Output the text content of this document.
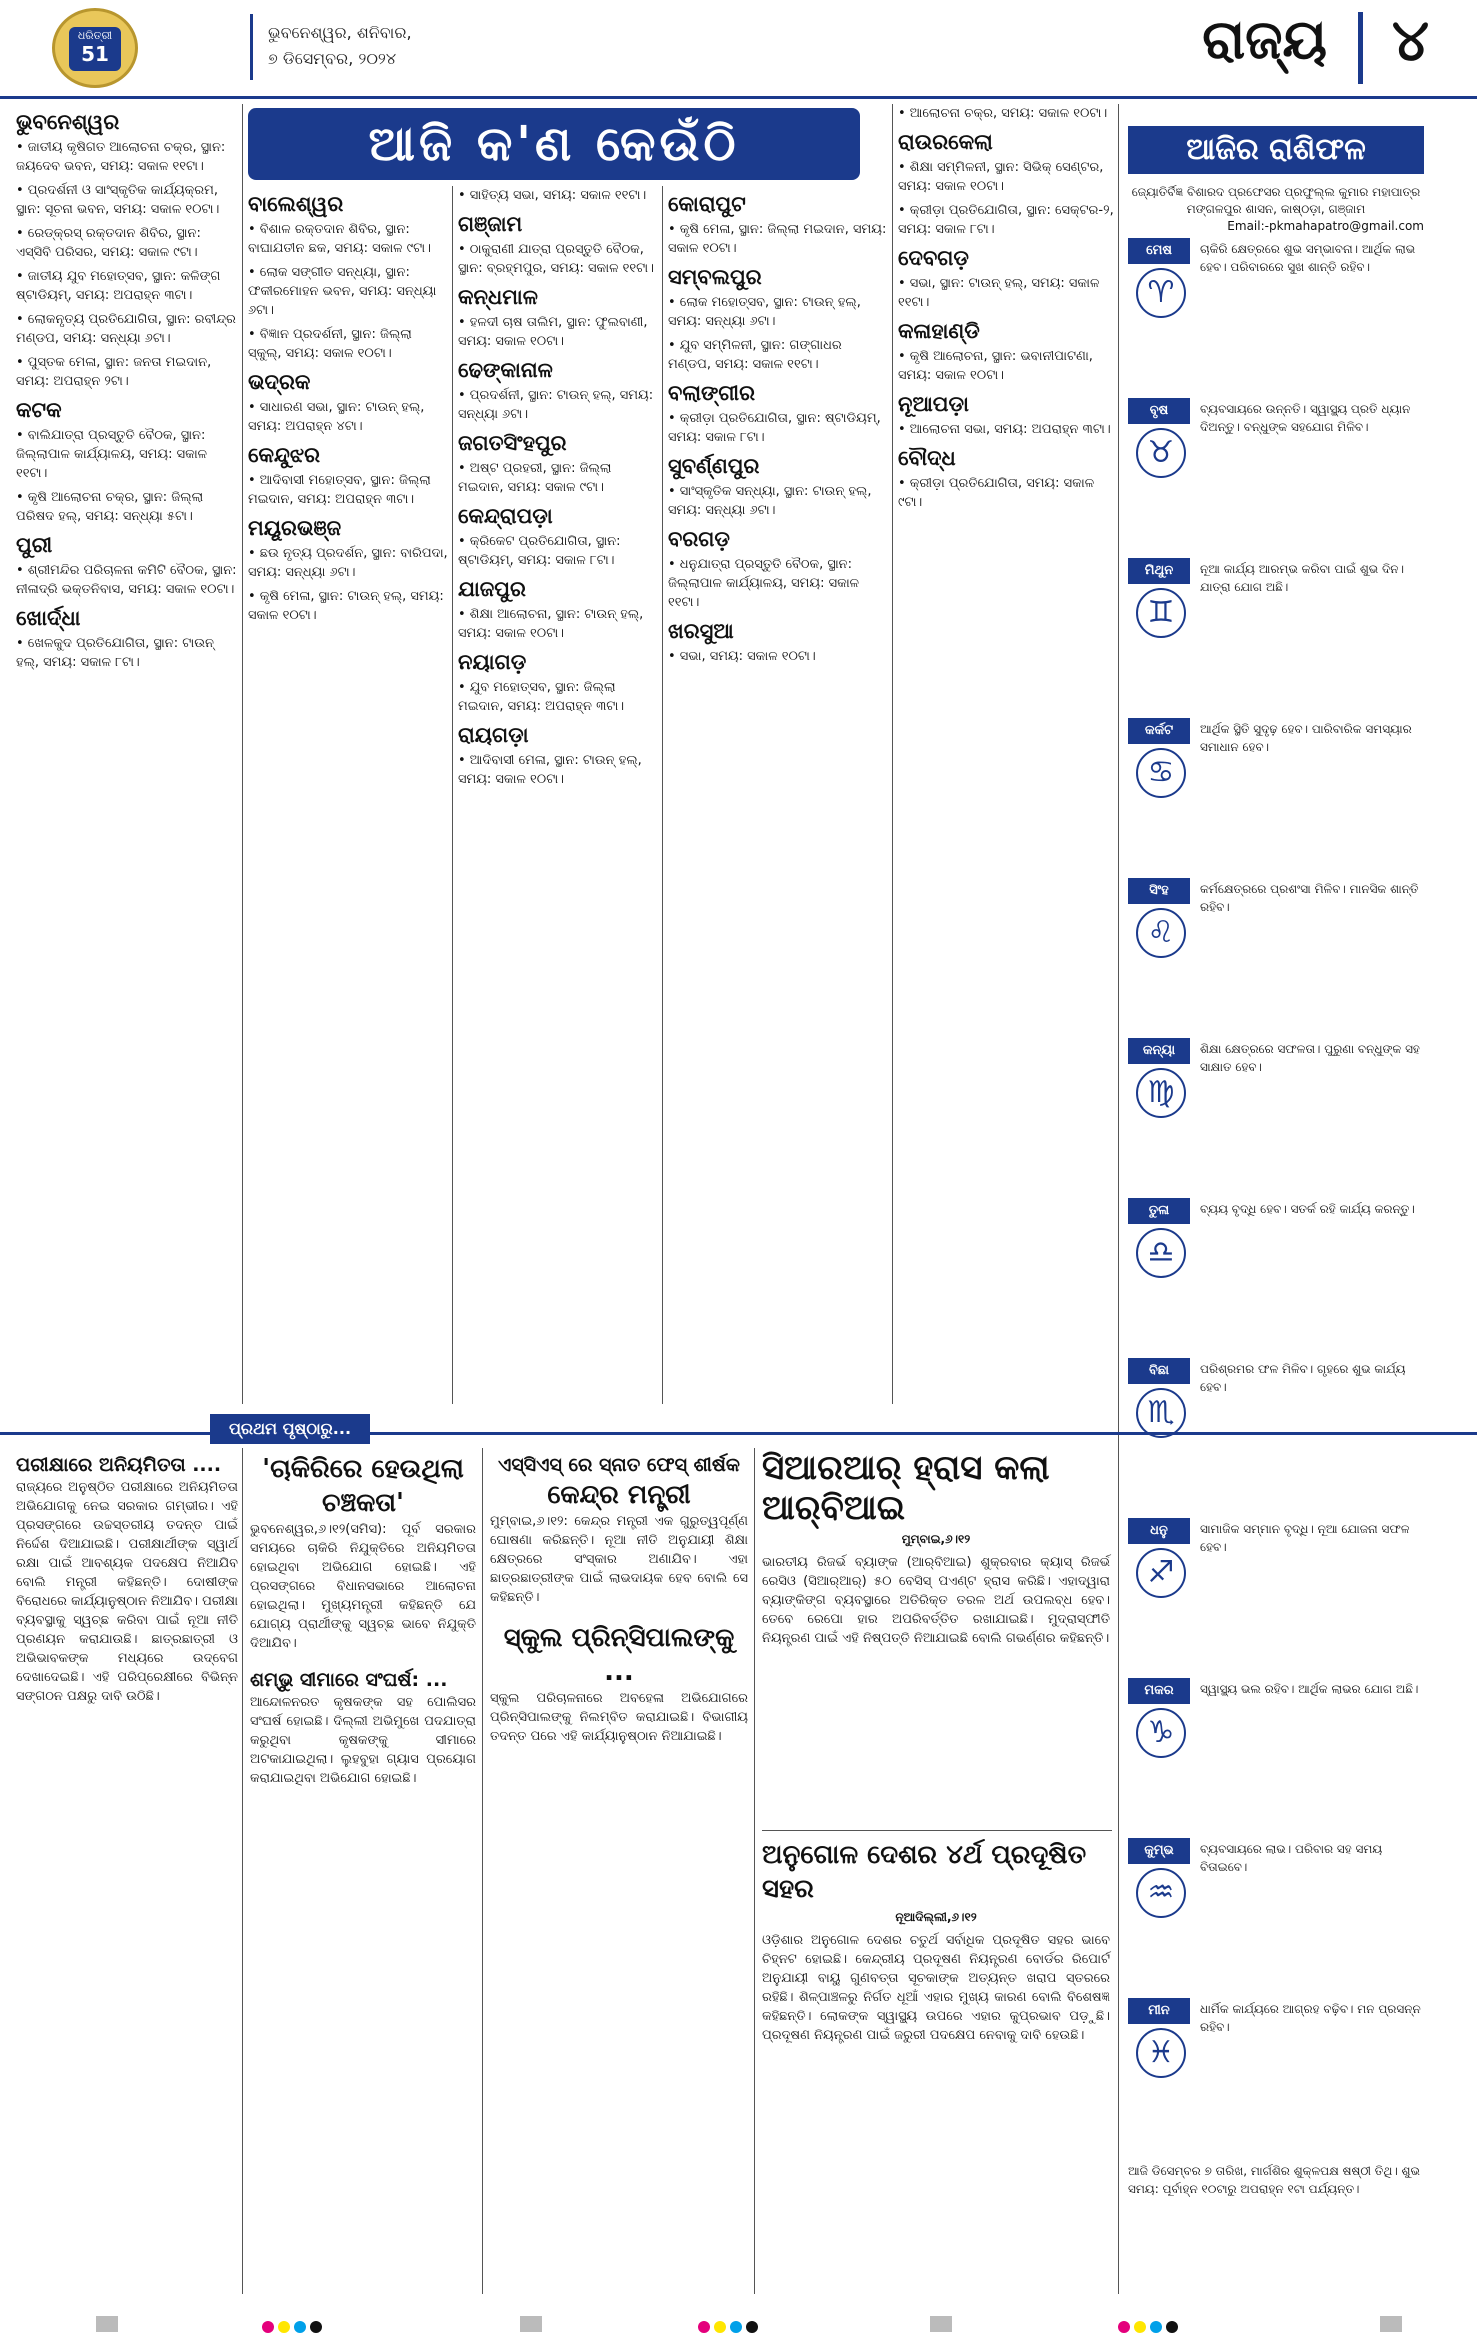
ଧରିତ୍ରୀ
51
ଭୁବନେଶ୍ୱର, ଶନିବାର,
୭ ଡିସେମ୍ବର, ୨୦୨୪	ରାଜ୍ୟ ୪
ଆଜି କ'ଣ କେଉଁଠି
ଭୁବନେଶ୍ୱର

• ଜାତୀୟ କୃଷିଗତ ଆଲୋଚନା ଚକ୍ର, ସ୍ଥାନ: ଜୟଦେବ ଭବନ, ସମୟ: ସକାଳ ୧୧ଟା।

• ପ୍ରଦର୍ଶନୀ ଓ ସାଂସ୍କୃତିକ କାର୍ଯ୍ୟକ୍ରମ, ସ୍ଥାନ: ସୂଚନା ଭବନ, ସମୟ: ସକାଳ ୧୦ଟା।

• ରେଡ୍‌କ୍ରସ୍ ରକ୍ତଦାନ ଶିବିର, ସ୍ଥାନ: ଏସ୍‌ସିବି ପରିସର, ସମୟ: ସକାଳ ୯ଟା।

• ଜାତୀୟ ଯୁବ ମହୋତ୍ସବ, ସ୍ଥାନ: କଳିଙ୍ଗ ଷ୍ଟାଡିୟମ୍, ସମୟ: ଅପରାହ୍ନ ୩ଟା।

• ଲୋକନୃତ୍ୟ ପ୍ରତିଯୋଗିତା, ସ୍ଥାନ: ରବୀନ୍ଦ୍ର ମଣ୍ଡପ, ସମୟ: ସନ୍ଧ୍ୟା ୬ଟା।

• ପୁସ୍ତକ ମେଳା, ସ୍ଥାନ: ଜନତା ମଇଦାନ, ସମୟ: ଅପରାହ୍ନ ୨ଟା।

କଟକ

• ବାଲିଯାତ୍ରା ପ୍ରସ୍ତୁତି ବୈଠକ, ସ୍ଥାନ: ଜିଲ୍ଲାପାଳ କାର୍ଯ୍ୟାଳୟ, ସମୟ: ସକାଳ ୧୧ଟା।

• କୃଷି ଆଲୋଚନା ଚକ୍ର, ସ୍ଥାନ: ଜିଲ୍ଲା ପରିଷଦ ହଲ୍, ସମୟ: ସନ୍ଧ୍ୟା ୫ଟା।

ପୁରୀ

• ଶ୍ରୀମନ୍ଦିର ପରିଚାଳନା କମିଟି ବୈଠକ, ସ୍ଥାନ: ନୀଳାଦ୍ରି ଭକ୍ତନିବାସ, ସମୟ: ସକାଳ ୧୦ଟା।

ଖୋର୍ଦ୍ଧା

• ଖେଳକୁଦ ପ୍ରତିଯୋଗିତା, ସ୍ଥାନ: ଟାଉନ୍ ହଲ୍, ସମୟ: ସକାଳ ୮ଟା।

ବାଲେଶ୍ୱର

• ବିଶାଳ ରକ୍ତଦାନ ଶିବିର, ସ୍ଥାନ: ବାଘାଯତୀନ ଛକ, ସମୟ: ସକାଳ ୯ଟା।

• ଲୋକ ସଙ୍ଗୀତ ସନ୍ଧ୍ୟା, ସ୍ଥାନ: ଫକୀରମୋହନ ଭବନ, ସମୟ: ସନ୍ଧ୍ୟା ୬ଟା।

• ବିଜ୍ଞାନ ପ୍ରଦର୍ଶନୀ, ସ୍ଥାନ: ଜିଲ୍ଲା ସ୍କୁଲ୍, ସମୟ: ସକାଳ ୧୦ଟା।

ଭଦ୍ରକ

• ସାଧାରଣ ସଭା, ସ୍ଥାନ: ଟାଉନ୍ ହଲ୍, ସମୟ: ଅପରାହ୍ନ ୪ଟା।

କେନ୍ଦୁଝର

• ଆଦିବାସୀ ମହୋତ୍ସବ, ସ୍ଥାନ: ଜିଲ୍ଲା ମଇଦାନ, ସମୟ: ଅପରାହ୍ନ ୩ଟା।

ମୟୂରଭଞ୍ଜ

• ଛଉ ନୃତ୍ୟ ପ୍ରଦର୍ଶନ, ସ୍ଥାନ: ବାରିପଦା, ସମୟ: ସନ୍ଧ୍ୟା ୬ଟା।

• କୃଷି ମେଳା, ସ୍ଥାନ: ଟାଉନ୍ ହଲ୍, ସମୟ: ସକାଳ ୧୦ଟା।

• ସାହିତ୍ୟ ସଭା, ସମୟ: ସକାଳ ୧୧ଟା।

ଗଞ୍ଜାମ

• ଠାକୁରାଣୀ ଯାତ୍ରା ପ୍ରସ୍ତୁତି ବୈଠକ, ସ୍ଥାନ: ବ୍ରହ୍ମପୁର, ସମୟ: ସକାଳ ୧୧ଟା।

କନ୍ଧମାଳ

• ହଳଦୀ ଚାଷ ତାଲିମ, ସ୍ଥାନ: ଫୁଲବାଣୀ, ସମୟ: ସକାଳ ୧୦ଟା।

ଢେଙ୍କାନାଳ

• ପ୍ରଦର୍ଶନୀ, ସ୍ଥାନ: ଟାଉନ୍ ହଲ୍, ସମୟ: ସନ୍ଧ୍ୟା ୬ଟା।

ଜଗତସିଂହପୁର

• ଅଷ୍ଟ ପ୍ରହରୀ, ସ୍ଥାନ: ଜିଲ୍ଲା ମଇଦାନ, ସମୟ: ସକାଳ ୯ଟା।

କେନ୍ଦ୍ରାପଡ଼ା

• କ୍ରିକେଟ ପ୍ରତିଯୋଗିତା, ସ୍ଥାନ: ଷ୍ଟାଡିୟମ୍, ସମୟ: ସକାଳ ୮ଟା।

ଯାଜପୁର

• ଶିକ୍ଷା ଆଲୋଚନା, ସ୍ଥାନ: ଟାଉନ୍ ହଲ୍, ସମୟ: ସକାଳ ୧୦ଟା।

ନୟାଗଡ଼

• ଯୁବ ମହୋତ୍ସବ, ସ୍ଥାନ: ଜିଲ୍ଲା ମଇଦାନ, ସମୟ: ଅପରାହ୍ନ ୩ଟା।

ରାୟଗଡ଼ା

• ଆଦିବାସୀ ମେଳା, ସ୍ଥାନ: ଟାଉନ୍ ହଲ୍, ସମୟ: ସକାଳ ୧୦ଟା।

କୋରାପୁଟ

• କୃଷି ମେଳା, ସ୍ଥାନ: ଜିଲ୍ଲା ମଇଦାନ, ସମୟ: ସକାଳ ୧୦ଟା।

ସମ୍ବଲପୁର

• ଲୋକ ମହୋତ୍ସବ, ସ୍ଥାନ: ଟାଉନ୍ ହଲ୍, ସମୟ: ସନ୍ଧ୍ୟା ୬ଟା।

• ଯୁବ ସମ୍ମିଳନୀ, ସ୍ଥାନ: ଗଙ୍ଗାଧର ମଣ୍ଡପ, ସମୟ: ସକାଳ ୧୧ଟା।

ବଲାଙ୍ଗୀର

• କ୍ରୀଡ଼ା ପ୍ରତିଯୋଗିତା, ସ୍ଥାନ: ଷ୍ଟାଡିୟମ୍, ସମୟ: ସକାଳ ୮ଟା।

ସୁବର୍ଣ୍ଣପୁର

• ସାଂସ୍କୃତିକ ସନ୍ଧ୍ୟା, ସ୍ଥାନ: ଟାଉନ୍ ହଲ୍, ସମୟ: ସନ୍ଧ୍ୟା ୬ଟା।

ବରଗଡ଼

• ଧନୁଯାତ୍ରା ପ୍ରସ୍ତୁତି ବୈଠକ, ସ୍ଥାନ: ଜିଲ୍ଲାପାଳ କାର୍ଯ୍ୟାଳୟ, ସମୟ: ସକାଳ ୧୧ଟା।

ଖରସୁଆ

• ସଭା, ସମୟ: ସକାଳ ୧୦ଟା।

• ଆଲୋଚନା ଚକ୍ର, ସମୟ: ସକାଳ ୧୦ଟା।

ରାଉରକେଲା

• ଶିକ୍ଷା ସମ୍ମିଳନୀ, ସ୍ଥାନ: ସିଭିକ୍ ସେଣ୍ଟର, ସମୟ: ସକାଳ ୧୦ଟା।

• କ୍ରୀଡ଼ା ପ୍ରତିଯୋଗିତା, ସ୍ଥାନ: ସେକ୍ଟର-୨, ସମୟ: ସକାଳ ୮ଟା।

ଦେବଗଡ଼

• ସଭା, ସ୍ଥାନ: ଟାଉନ୍ ହଲ୍, ସମୟ: ସକାଳ ୧୧ଟା।

କଳାହାଣ୍ଡି

• କୃଷି ଆଲୋଚନା, ସ୍ଥାନ: ଭବାନୀପାଟଣା, ସମୟ: ସକାଳ ୧୦ଟା।

ନୂଆପଡ଼ା

• ଆଲୋଚନା ସଭା, ସମୟ: ଅପରାହ୍ନ ୩ଟା।

ବୌଦ୍ଧ

• କ୍ରୀଡ଼ା ପ୍ରତିଯୋଗିତା, ସମୟ: ସକାଳ ୯ଟା।

ଆଜିର ରାଶିଫଳ
ଜ୍ୟୋତିର୍ବିଜ୍ଞ ବିଶାରଦ ପ୍ରଫେସର ପ୍ରଫୁଲ୍ଲ କୁମାର ମହାପାତ୍ର
ମଙ୍ଗଳପୁର ଶାସନ, କାଷ୍ଠଡ଼ା, ଗଞ୍ଜାମ
Email:-pkmahapatro@gmail.com
ମେଷ
♈
ଚାକିରି କ୍ଷେତ୍ରରେ ଶୁଭ ସମ୍ଭାବନା। ଆର୍ଥିକ ଲାଭ ହେବ। ପରିବାରରେ ସୁଖ ଶାନ୍ତି ରହିବ।
ବୃଷ
♉
ବ୍ୟବସାୟରେ ଉନ୍ନତି। ସ୍ୱାସ୍ଥ୍ୟ ପ୍ରତି ଧ୍ୟାନ ଦିଅନ୍ତୁ। ବନ୍ଧୁଙ୍କ ସହଯୋଗ ମିଳିବ।
ମିଥୁନ
♊
ନୂଆ କାର୍ଯ୍ୟ ଆରମ୍ଭ କରିବା ପାଇଁ ଶୁଭ ଦିନ। ଯାତ୍ରା ଯୋଗ ଅଛି।
କର୍କଟ
♋
ଆର୍ଥିକ ସ୍ଥିତି ସୁଦୃଢ଼ ହେବ। ପାରିବାରିକ ସମସ୍ୟାର ସମାଧାନ ହେବ।
ସିଂହ
♌
କର୍ମକ୍ଷେତ୍ରରେ ପ୍ରଶଂସା ମିଳିବ। ମାନସିକ ଶାନ୍ତି ରହିବ।
କନ୍ୟା
♍
ଶିକ୍ଷା କ୍ଷେତ୍ରରେ ସଫଳତା। ପୁରୁଣା ବନ୍ଧୁଙ୍କ ସହ ସାକ୍ଷାତ ହେବ।
ତୁଳା
♎
ବ୍ୟୟ ବୃଦ୍ଧି ହେବ। ସତର୍କ ରହି କାର୍ଯ୍ୟ କରନ୍ତୁ।
ବିଛା
♏
ପରିଶ୍ରମର ଫଳ ମିଳିବ। ଗୃହରେ ଶୁଭ କାର୍ଯ୍ୟ ହେବ।
ଧନୁ
♐
ସାମାଜିକ ସମ୍ମାନ ବୃଦ୍ଧି। ନୂଆ ଯୋଜନା ସଫଳ ହେବ।
ମକର
♑
ସ୍ୱାସ୍ଥ୍ୟ ଭଲ ରହିବ। ଆର୍ଥିକ ଲାଭର ଯୋଗ ଅଛି।
କୁମ୍ଭ
♒
ବ୍ୟବସାୟରେ ଲାଭ। ପରିବାର ସହ ସମୟ ବିତାଇବେ।
ମୀନ
♓
ଧାର୍ମିକ କାର୍ଯ୍ୟରେ ଆଗ୍ରହ ବଢ଼ିବ। ମନ ପ୍ରସନ୍ନ ରହିବ।
ଆଜି ଡିସେମ୍ବର ୭ ତାରିଖ, ମାର୍ଗଶିର ଶୁକ୍ଳପକ୍ଷ ଷଷ୍ଠୀ ତିଥି। ଶୁଭ ସମୟ: ପୂର୍ବାହ୍ନ ୧୦ଟାରୁ ଅପରାହ୍ନ ୧ଟା ପର୍ଯ୍ୟନ୍ତ।
ପ୍ରଥମ ପୃଷ୍ଠାରୁ...
ପରୀକ୍ଷାରେ ଅନିୟମିତତା ....
ରାଜ୍ୟରେ ଅନୁଷ୍ଠିତ ପରୀକ୍ଷାରେ ଅନିୟମିତତା ଅଭିଯୋଗକୁ ନେଇ ସରକାର ଗମ୍ଭୀର। ଏହି ପ୍ରସଙ୍ଗରେ ଉଚ୍ଚସ୍ତରୀୟ ତଦନ୍ତ ପାଇଁ ନିର୍ଦ୍ଦେଶ ଦିଆଯାଇଛି। ପରୀକ୍ଷାର୍ଥୀଙ୍କ ସ୍ୱାର୍ଥ ରକ୍ଷା ପାଇଁ ଆବଶ୍ୟକ ପଦକ୍ଷେପ ନିଆଯିବ ବୋଲି ମନ୍ତ୍ରୀ କହିଛନ୍ତି। ଦୋଷୀଙ୍କ ବିରୋଧରେ କାର୍ଯ୍ୟାନୁଷ୍ଠାନ ନିଆଯିବ। ପରୀକ୍ଷା ବ୍ୟବସ୍ଥାକୁ ସ୍ୱଚ୍ଛ କରିବା ପାଇଁ ନୂଆ ନୀତି ପ୍ରଣୟନ କରାଯାଉଛି। ଛାତ୍ରଛାତ୍ରୀ ଓ ଅଭିଭାବକଙ୍କ ମଧ୍ୟରେ ଉଦ୍‌ବେଗ ଦେଖାଦେଇଛି। ଏହି ପରିପ୍ରେକ୍ଷୀରେ ବିଭିନ୍ନ ସଙ୍ଗଠନ ପକ୍ଷରୁ ଦାବି ଉଠିଛି।
'ଚାକିରିରେ ହେଉଥିଲା ଚଞ୍ଚକତା'
ଭୁବନେଶ୍ୱର,୬।୧୨(ସମିସ): ପୂର୍ବ ସରକାର ସମୟରେ ଚାକିରି ନିଯୁକ୍ତିରେ ଅନିୟମିତତା ହୋଇଥିବା ଅଭିଯୋଗ ହୋଇଛି। ଏହି ପ୍ରସଙ୍ଗରେ ବିଧାନସଭାରେ ଆଲୋଚନା ହୋଇଥିଲା। ମୁଖ୍ୟମନ୍ତ୍ରୀ କହିଛନ୍ତି ଯେ ଯୋଗ୍ୟ ପ୍ରାର୍ଥୀଙ୍କୁ ସ୍ୱଚ୍ଛ ଭାବେ ନିଯୁକ୍ତି ଦିଆଯିବ।
ଶମ୍ଭୁ ସୀମାରେ ସଂଘର୍ଷ: ...
ଆନ୍ଦୋଳନରତ କୃଷକଙ୍କ ସହ ପୋଲିସର ସଂଘର୍ଷ ହୋଇଛି। ଦିଲ୍ଲୀ ଅଭିମୁଖେ ପଦଯାତ୍ରା କରୁଥିବା କୃଷକଙ୍କୁ ସୀମାରେ ଅଟକାଯାଇଥିଲା। ଲୁହବୁହା ଗ୍ୟାସ ପ୍ରୟୋଗ କରାଯାଇଥିବା ଅଭିଯୋଗ ହୋଇଛି।
ଏସ୍‌ସିଏସ୍ ରେ ସ୍ନାତ ଫେସ୍ ଶୀର୍ଷକ
କେନ୍ଦ୍ର ମନ୍ତ୍ରୀ
ମୁମ୍ବାଇ,୬।୧୨: କେନ୍ଦ୍ର ମନ୍ତ୍ରୀ ଏକ ଗୁରୁତ୍ୱପୂର୍ଣ୍ଣ ଘୋଷଣା କରିଛନ୍ତି। ନୂଆ ନୀତି ଅନୁଯାୟୀ ଶିକ୍ଷା କ୍ଷେତ୍ରରେ ସଂସ୍କାର ଅଣାଯିବ। ଏହା ଛାତ୍ରଛାତ୍ରୀଙ୍କ ପାଇଁ ଲାଭଦାୟକ ହେବ ବୋଲି ସେ କହିଛନ୍ତି।
ସ୍କୁଲ ପ୍ରିନ୍ସିପାଲଙ୍କୁ ...
ସ୍କୁଲ ପରିଚାଳନାରେ ଅବହେଳା ଅଭିଯୋଗରେ ପ୍ରିନ୍ସିପାଲଙ୍କୁ ନିଲମ୍ବିତ କରାଯାଇଛି। ବିଭାଗୀୟ ତଦନ୍ତ ପରେ ଏହି କାର୍ଯ୍ୟାନୁଷ୍ଠାନ ନିଆଯାଇଛି।
ସିଆରଆର୍ ହ୍ରାସ କଲା ଆର୍‌ବିଆଇ
ମୁମ୍ବାଇ,୬।୧୨
ଭାରତୀୟ ରିଜର୍ଭ ବ୍ୟାଙ୍କ (ଆର୍‌ବିଆଇ) ଶୁକ୍ରବାର କ୍ୟାସ୍ ରିଜର୍ଭ ରେସିଓ (ସିଆର୍‌ଆର୍) ୫୦ ବେସିସ୍ ପଏଣ୍ଟ ହ୍ରାସ କରିଛି। ଏହାଦ୍ୱାରା ବ୍ୟାଙ୍କିଙ୍ଗ ବ୍ୟବସ୍ଥାରେ ଅତିରିକ୍ତ ତରଳ ଅର୍ଥ ଉପଲବ୍ଧ ହେବ। ତେବେ ରେପୋ ହାର ଅପରିବର୍ତ୍ତିତ ରଖାଯାଇଛି। ମୁଦ୍ରାସ୍ଫୀତି ନିୟନ୍ତ୍ରଣ ପାଇଁ ଏହି ନିଷ୍ପତ୍ତି ନିଆଯାଇଛି ବୋଲି ଗଭର୍ଣ୍ଣର କହିଛନ୍ତି।
ଅନୁଗୋଳ ଦେଶର ୪ର୍ଥ ପ୍ରଦୂଷିତ ସହର
ନୂଆଦିଲ୍ଲୀ,୬।୧୨
ଓଡ଼ିଶାର ଅନୁଗୋଳ ଦେଶର ଚତୁର୍ଥ ସର୍ବାଧିକ ପ୍ରଦୂଷିତ ସହର ଭାବେ ଚିହ୍ନଟ ହୋଇଛି। କେନ୍ଦ୍ରୀୟ ପ୍ରଦୂଷଣ ନିୟନ୍ତ୍ରଣ ବୋର୍ଡର ରିପୋର୍ଟ ଅନୁଯାୟୀ ବାୟୁ ଗୁଣବତ୍ତା ସୂଚକାଙ୍କ ଅତ୍ୟନ୍ତ ଖରାପ ସ୍ତରରେ ରହିଛି। ଶିଳ୍ପାଞ୍ଚଳରୁ ନିର୍ଗତ ଧୂଆଁ ଏହାର ମୁଖ୍ୟ କାରଣ ବୋଲି ବିଶେଷଜ୍ଞ କହିଛନ୍ତି। ଲୋକଙ୍କ ସ୍ୱାସ୍ଥ୍ୟ ଉପରେ ଏହାର କୁପ୍ରଭାବ ପଡ଼ୁଛି। ପ୍ରଦୂଷଣ ନିୟନ୍ତ୍ରଣ ପାଇଁ ଜରୁରୀ ପଦକ୍ଷେପ ନେବାକୁ ଦାବି ହେଉଛି।
